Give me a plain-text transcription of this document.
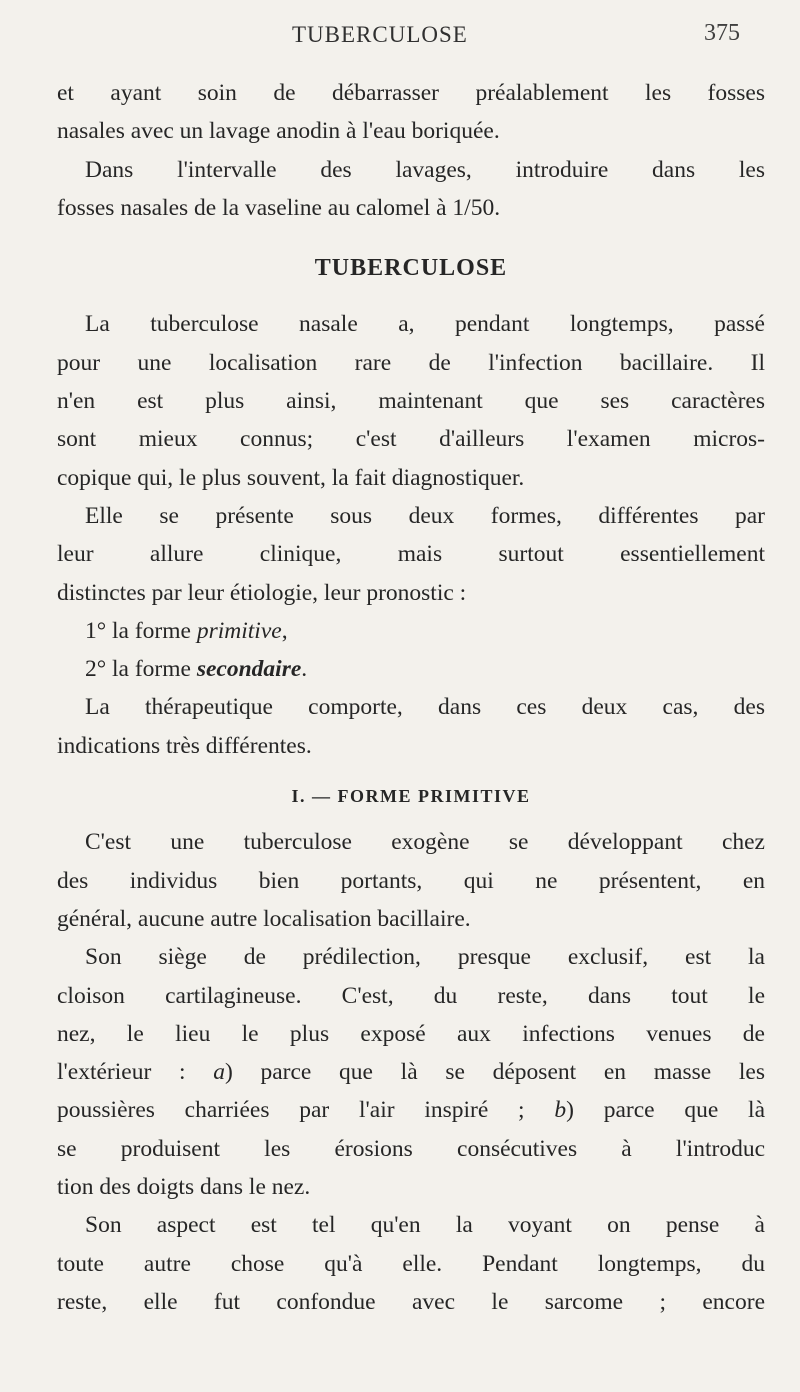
TUBERCULOSE	375
et ayant soin de débarrasser préalablement les fosses
nasales avec un lavage anodin à l'eau boriquée.
Dans l'intervalle des lavages, introduire dans les
fosses nasales de la vaseline au calomel à 1/50.
TUBERCULOSE
La tuberculose nasale a, pendant longtemps, passé
pour une localisation rare de l'infection bacillaire. Il
n'en est plus ainsi, maintenant que ses caractères
sont mieux connus; c'est d'ailleurs l'examen micros-
copique qui, le plus souvent, la fait diagnostiquer.
Elle se présente sous deux formes, différentes par
leur allure clinique, mais surtout essentiellement
distinctes par leur étiologie, leur pronostic :
1° la forme primitive,
2° la forme secondaire.
La thérapeutique comporte, dans ces deux cas, des
indications très différentes.
I. — FORME PRIMITIVE
C'est une tuberculose exogène se développant chez
des individus bien portants, qui ne présentent, en
général, aucune autre localisation bacillaire.
Son siège de prédilection, presque exclusif, est la
cloison cartilagineuse. C'est, du reste, dans tout le
nez, le lieu le plus exposé aux infections venues de
l'extérieur : a) parce que là se déposent en masse les
poussières charriées par l'air inspiré ; b) parce que là
se produisent les érosions consécutives à l'introduc
tion des doigts dans le nez.
Son aspect est tel qu'en la voyant on pense à
toute autre chose qu'à elle. Pendant longtemps, du
reste, elle fut confondue avec le sarcome ; encore
